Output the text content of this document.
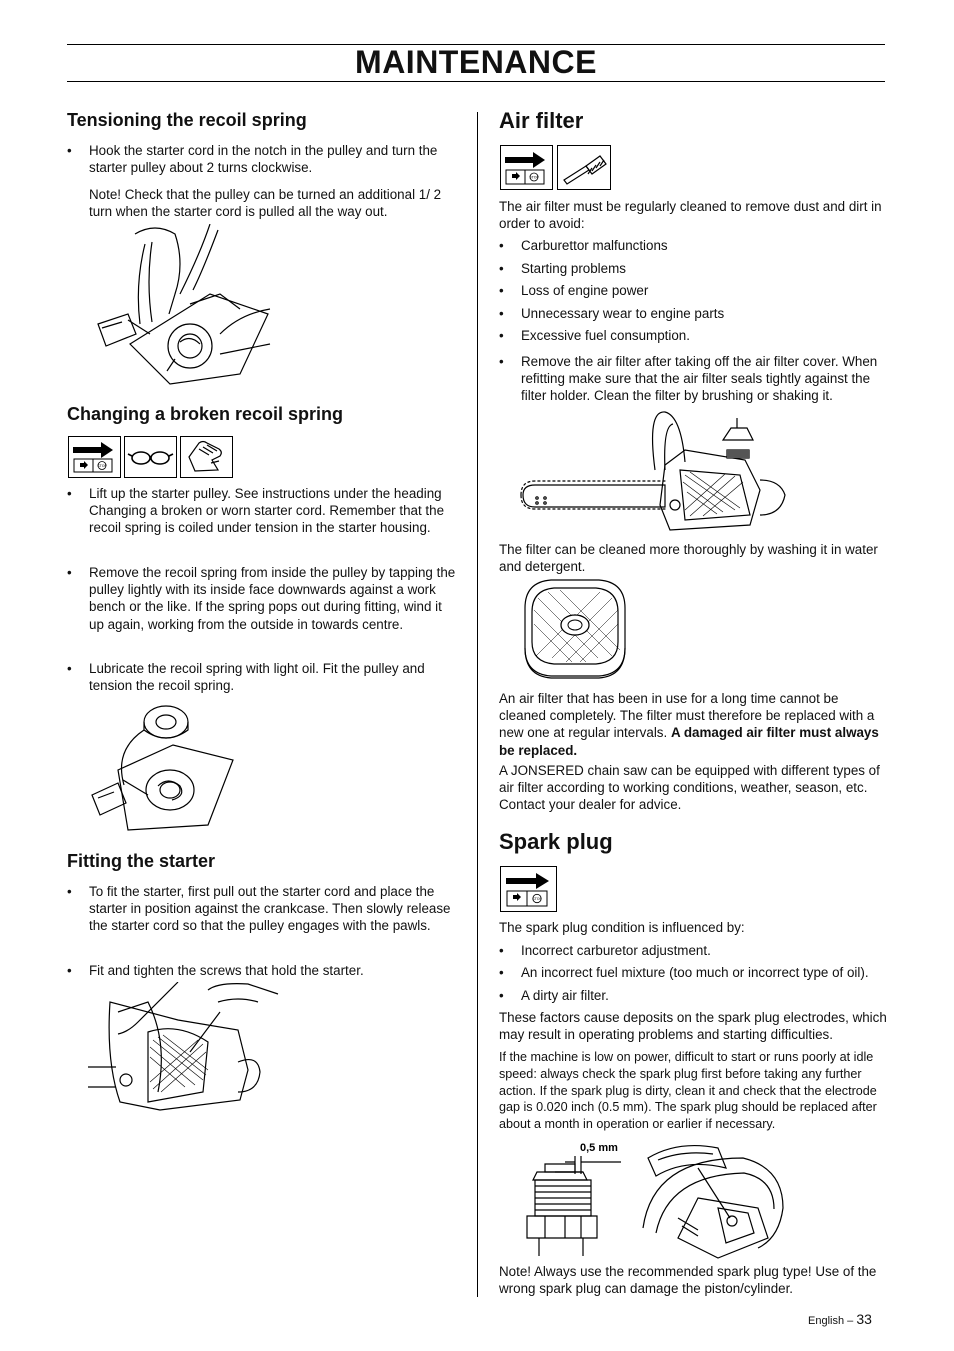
MAINTENANCE
Tensioning the recoil spring
• Hook the starter cord in the notch in the pulley and turn the starter pulley about 2 turns clockwise.

Note! Check that the pulley can be turned an additional 1/ 2 turn when the starter cord is pulled all the way out.

Changing a broken recoil spring
STOP
• Lift up the starter pulley. See instructions under the heading Changing a broken or worn starter cord. Remember that the recoil spring is coiled under tension in the starter housing.
• Remove the recoil spring from inside the pulley by tapping the pulley lightly with its inside face downwards against a work bench or the like. If the spring pops out during fitting, wind it up again, working from the outside in towards centre.
• Lubricate the recoil spring with light oil. Fit the pulley and tension the recoil spring.
Fitting the starter
• To fit the starter, first pull out the starter cord and place the starter in position against the crankcase. Then slowly release the starter cord so that the pulley engages with the pawls.
• Fit and tighten the screws that hold the starter.
Air filter
STOP

The air filter must be regularly cleaned to remove dust and dirt in order to avoid:

• Carburettor malfunctions
• Starting problems
• Loss of engine power
• Unnecessary wear to engine parts
• Excessive fuel consumption.
• Remove the air filter after taking off the air filter cover. When refitting make sure that the air filter seals tightly against the filter holder. Clean the filter by brushing or shaking it.

The filter can be cleaned more thoroughly by washing it in water and detergent.

An air filter that has been in use for a long time cannot be cleaned completely. The filter must therefore be replaced with a new one at regular intervals. A damaged air filter must always be replaced.

A JONSERED chain saw can be equipped with different types of air filter according to working conditions, weather, season, etc. Contact your dealer for advice.

Spark plug
STOP

The spark plug condition is influenced by:

• Incorrect carburetor adjustment.
• An incorrect fuel mixture (too much or incorrect type of oil).
• A dirty air filter.

These factors cause deposits on the spark plug electrodes, which may result in operating problems and starting difficulties.

If the machine is low on power, difficult to start or runs poorly at idle speed: always check the spark plug first before taking any further action. If the spark plug is dirty, clean it and check that the electrode gap is 0.020 inch (0.5 mm). The spark plug should be replaced after about a month in operation or earlier if necessary.

0,5 mm

Note! Always use the recommended spark plug type! Use of the wrong spark plug can damage the piston/cylinder.

English – 33
